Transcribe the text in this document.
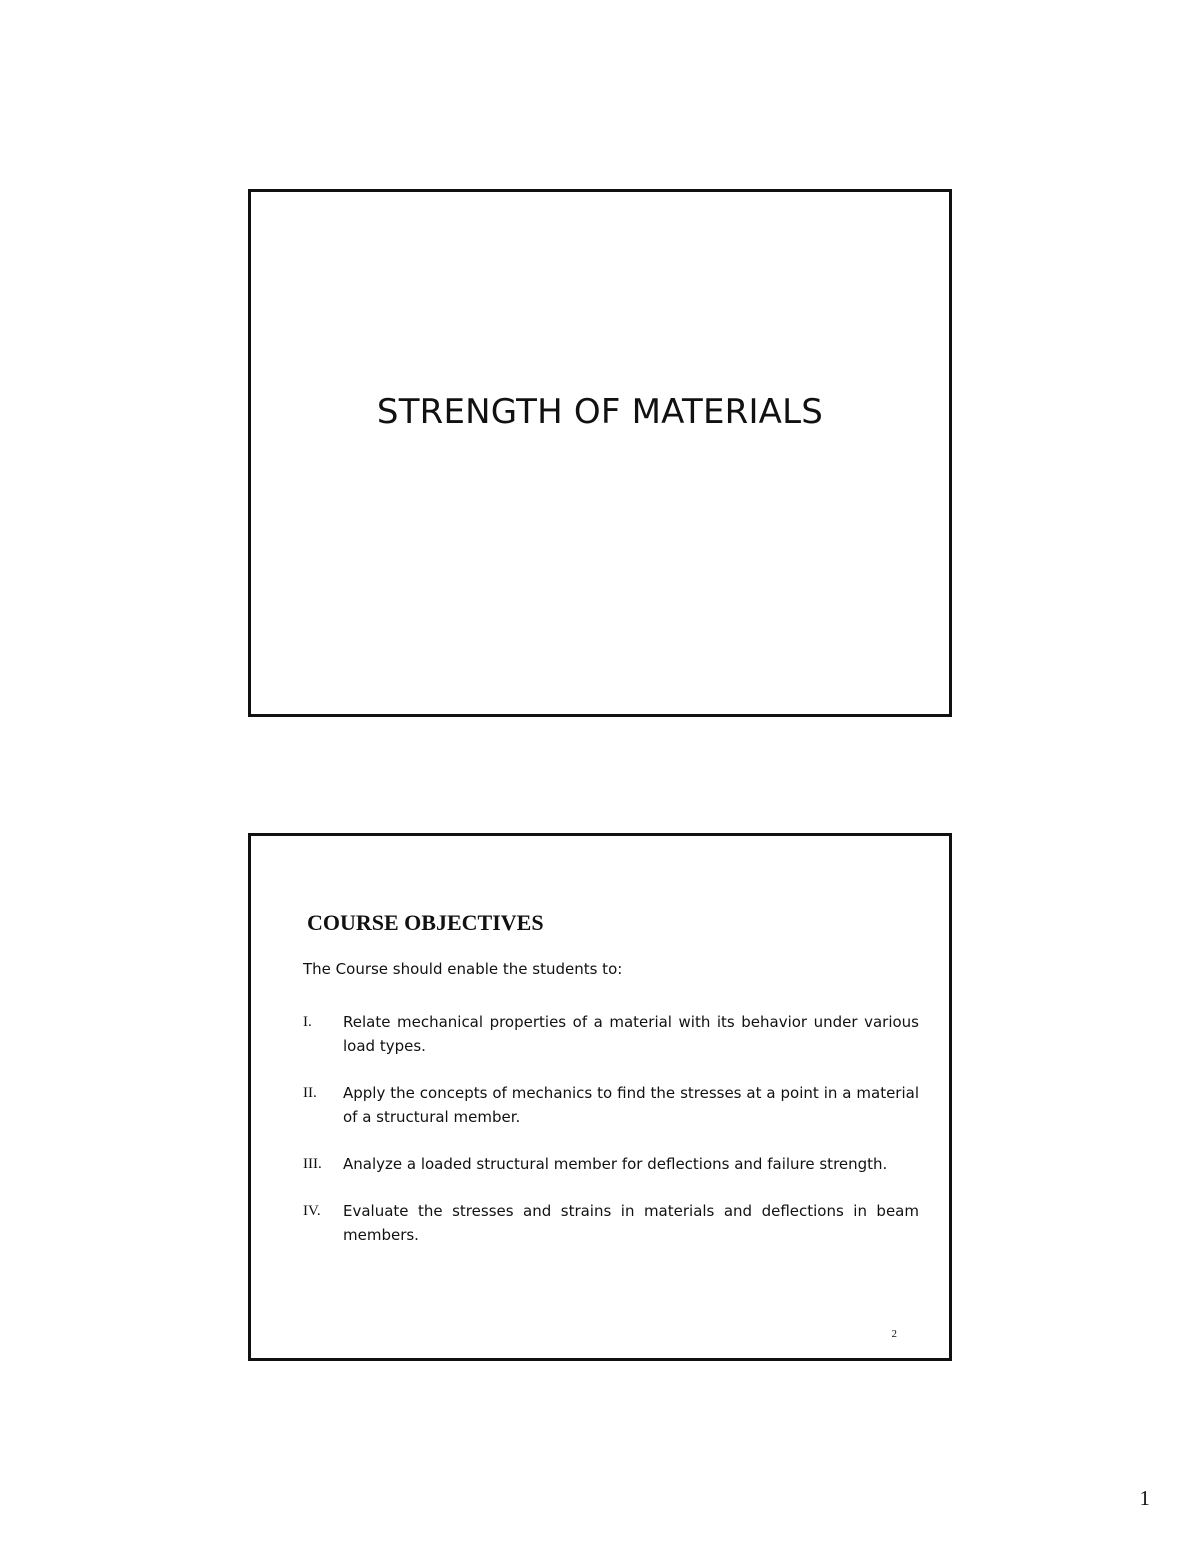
STRENGTH OF MATERIALS
COURSE OBJECTIVES
The Course should enable the students to:
I.	Relate mechanical properties of a material with its behavior under various load types.
II.	Apply the concepts of mechanics to find the stresses at a point in a material of a structural member.
III.	Analyze a loaded structural member for deflections and failure strength.
IV.	Evaluate the stresses and strains in materials and deflections in beam members.
2
1
